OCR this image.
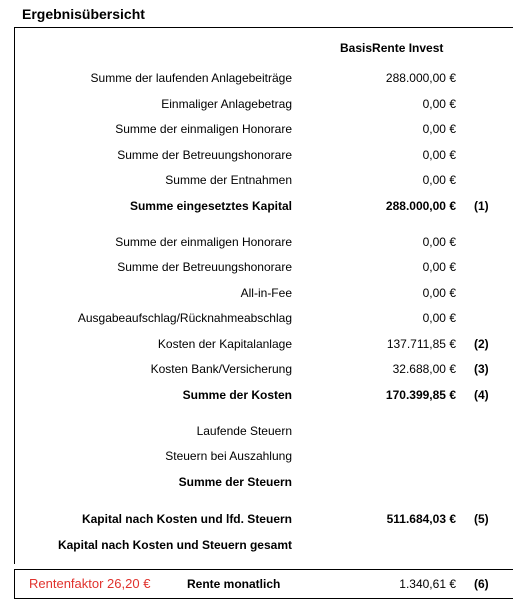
Ergebnisübersicht
BasisRente Invest
Summe der laufenden Anlagebeiträge	288.000,00 €
Einmaliger Anlagebetrag	0,00 €
Summe der einmaligen Honorare	0,00 €
Summe der Betreuungshonorare	0,00 €
Summe der Entnahmen	0,00 €
Summe eingesetztes Kapital	288.000,00 € (1)
Summe der einmaligen Honorare	0,00 €
Summe der Betreuungshonorare	0,00 €
All-in-Fee	0,00 €
Ausgabeaufschlag/Rücknahmeabschlag	0,00 €
Kosten der Kapitalanlage	137.711,85 € (2)
Kosten Bank/Versicherung	32.688,00 € (3)
Summe der Kosten	170.399,85 € (4)
Laufende Steuern
Steuern bei Auszahlung
Summe der Steuern
Kapital nach Kosten und lfd. Steuern	511.684,03 € (5)
Kapital nach Kosten und Steuern gesamt
Rentenfaktor 26,20 €	Rente monatlich	1.340,61 € (6)
